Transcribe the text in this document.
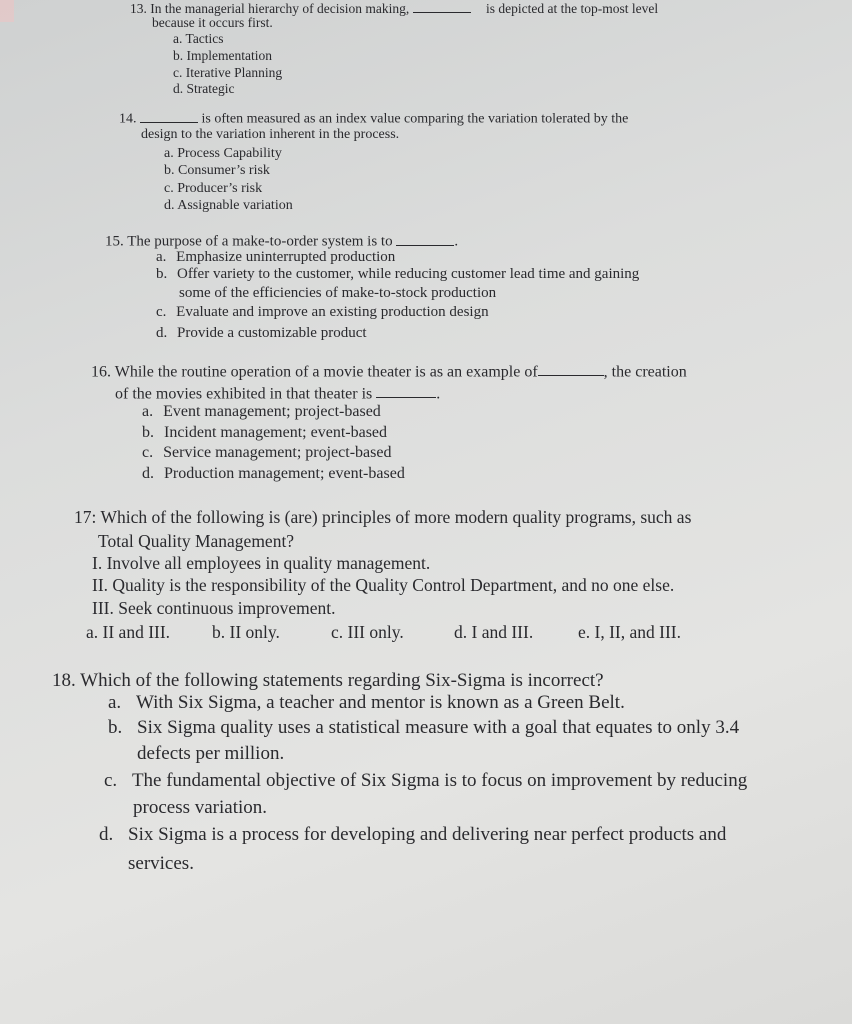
13. In the managerial hierarchy of decision making,	is depicted at the top-most level
because it occurs first.
a. Tactics
b. Implementation
c. Iterative Planning
d. Strategic
14.	is often measured as an index value comparing the variation tolerated by the
design to the variation inherent in the process.
a. Process Capability
b. Consumer’s risk
c. Producer’s risk
d. Assignable variation
15. The purpose of a make-to-order system is to	.
a. Emphasize uninterrupted production
b. Offer variety to the customer, while reducing customer lead time and gaining
some of the efficiencies of make-to-stock production
c. Evaluate and improve an existing production design
d. Provide a customizable product
16. While the routine operation of a movie theater is as an example of	, the creation
of the movies exhibited in that theater is	.
a. Event management; project-based
b. Incident management; event-based
c. Service management; project-based
d. Production management; event-based
17: Which of the following is (are) principles of more modern quality programs, such as
Total Quality Management?
I. Involve all employees in quality management.
II. Quality is the responsibility of the Quality Control Department, and no one else.
III. Seek continuous improvement.
a. II and III. b. II only.	c. III only.	d. I and III.	e. I, II, and III.
18. Which of the following statements regarding Six-Sigma is incorrect?
a. With Six Sigma, a teacher and mentor is known as a Green Belt.
b. Six Sigma quality uses a statistical measure with a goal that equates to only 3.4
defects per million.
c. The fundamental objective of Six Sigma is to focus on improvement by reducing
process variation.
d. Six Sigma is a process for developing and delivering near perfect products and
services.
